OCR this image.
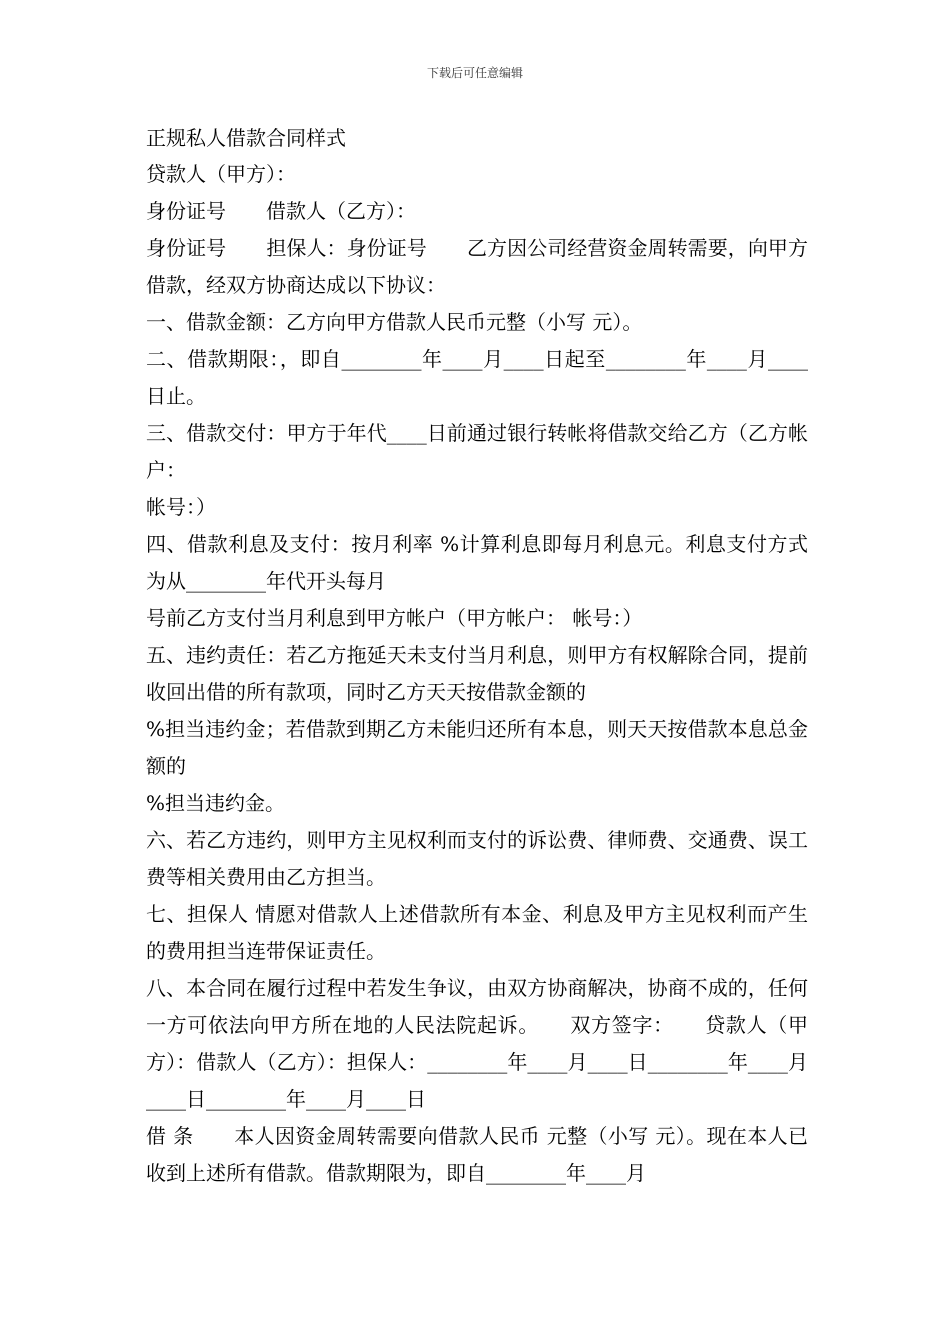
下载后可任意编辑

正规私人借款合同样式

贷款人（甲方）：

身份证号　　借款人（乙方）：

身份证号　　担保人：身份证号　　乙方因公司经营资金周转需要，向甲方借款，经双方协商达成以下协议：

一、借款金额：乙方向甲方借款人民币元整（小写 元）。

二、借款期限：，即自________年____月____日起至________年____月____日止。

三、借款交付：甲方于年代____日前通过银行转帐将借款交给乙方（乙方帐户：

帐号：）

四、借款利息及支付：按月利率 %计算利息即每月利息元。利息支付方式为从________年代开头每月

号前乙方支付当月利息到甲方帐户（甲方帐户： 帐号：）

五、违约责任：若乙方拖延天未支付当月利息，则甲方有权解除合同，提前收回出借的所有款项，同时乙方天天按借款金额的

%担当违约金；若借款到期乙方未能归还所有本息，则天天按借款本息总金额的

%担当违约金。

六、若乙方违约，则甲方主见权利而支付的诉讼费、律师费、交通费、误工费等相关费用由乙方担当。

七、担保人 情愿对借款人上述借款所有本金、利息及甲方主见权利而产生的费用担当连带保证责任。

八、本合同在履行过程中若发生争议，由双方协商解决，协商不成的，任何一方可依法向甲方所在地的人民法院起诉。　　双方签字：　　贷款人（甲方）：借款人（乙方）：担保人：________年____月____日________年____月____日________年____月____日

借 条　　本人因资金周转需要向借款人民币 元整（小写 元）。现在本人已收到上述所有借款。借款期限为，即自________年____月
